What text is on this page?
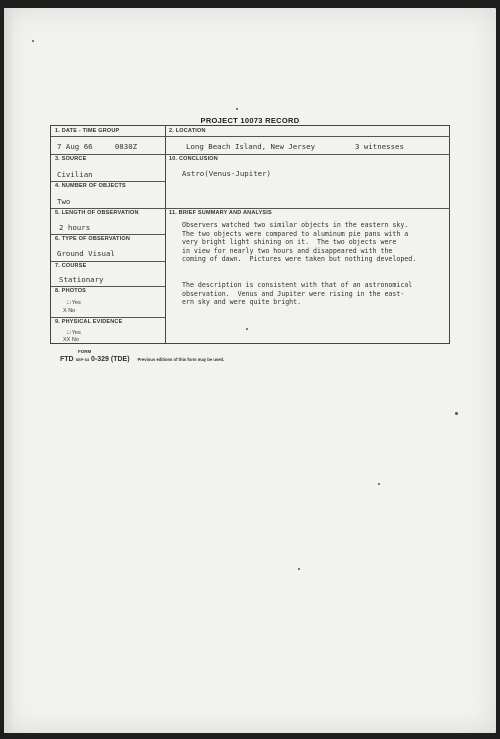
PROJECT 10073 RECORD
1. DATE - TIME GROUP
7 Aug 66     0830Z
2. LOCATION
Long Beach Island, New Jersey	3 witnesses
3. SOURCE
Civilian
10. CONCLUSION
Astro(Venus-Jupiter)
4. NUMBER OF OBJECTS
Two
5. LENGTH OF OBSERVATION
2 hours
11. BRIEF SUMMARY AND ANALYSIS
Observers watched two similar objects in the eastern sky.
The two objects were compared to aluminum pie pans with a
very bright light shining on it.  The two objects were
in view for nearly two hours and disappeared with the
coming of dawn.  Pictures were taken but nothing developed.
The description is consistent with that of an astronomical
observation.  Venus and Jupiter were rising in the east-
ern sky and were quite bright.
6. TYPE OF OBSERVATION
Ground Visual
7. COURSE
Stationary
8. PHOTOS
□ Yes
X No
9. PHYSICAL EVIDENCE
□ Yes
XX No
FORM
FTD SEP 63 0-329 (TDE) Previous editions of this form may be used.
